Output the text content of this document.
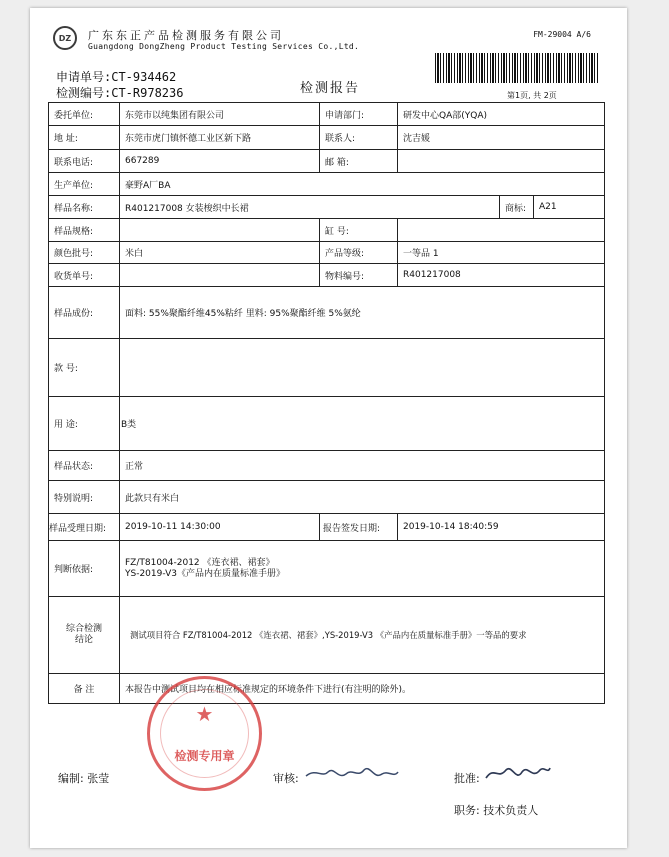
DZ 广东东正产品检测服务有限公司
Guangdong DongZheng Product Testing Services Co.,Ltd.
FM-29004 A/6
申请单号:CT-934462
检测编号:CT-R978236	检测报告	第1页, 共 2页
委托单位:	东莞市以纯集团有限公司	申请部门:	研发中心QA部(YQA)		
地 址:	东莞市虎门镇怀德工业区新下路	联系人:	沈吉媛		
联系电话:	667289	邮 箱:			
生产单位:	豪野A厂BA				
样品名称:	R401217008 女装梭织中长裙			商标:	A21
样品规格:		缸 号:			
颜色批号:	米白	产品等级:	一等品 1		
收货单号:		物料编号:	R401217008		
样品成份:	面料: 55%聚酯纤维45%粘纤 里料: 95%聚酯纤维 5%氨纶				
款 号:					
用 途:	B类				
样品状态:	正常				
特别说明:	此款只有米白				
样品受理日期:	2019-10-11 14:30:00	报告签发日期:	2019-10-14 18:40:59		
判断依据:	FZ/T81004-2012 《连衣裙、裙套》
YS-2019-V3《产品内在质量标准手册》				

综合检测
结论	测试项目符合 FZ/T81004-2012 《连衣裙、裙套》,YS-2019-V3 《产品内在质量标准手册》一等品的要求				
备 注	本报告中测试项目均在相应标准规定的环境条件下进行(有注明的除外)。				
★
检测专用章
编制: 张莹	审核:	批准:
职务: 技术负责人
